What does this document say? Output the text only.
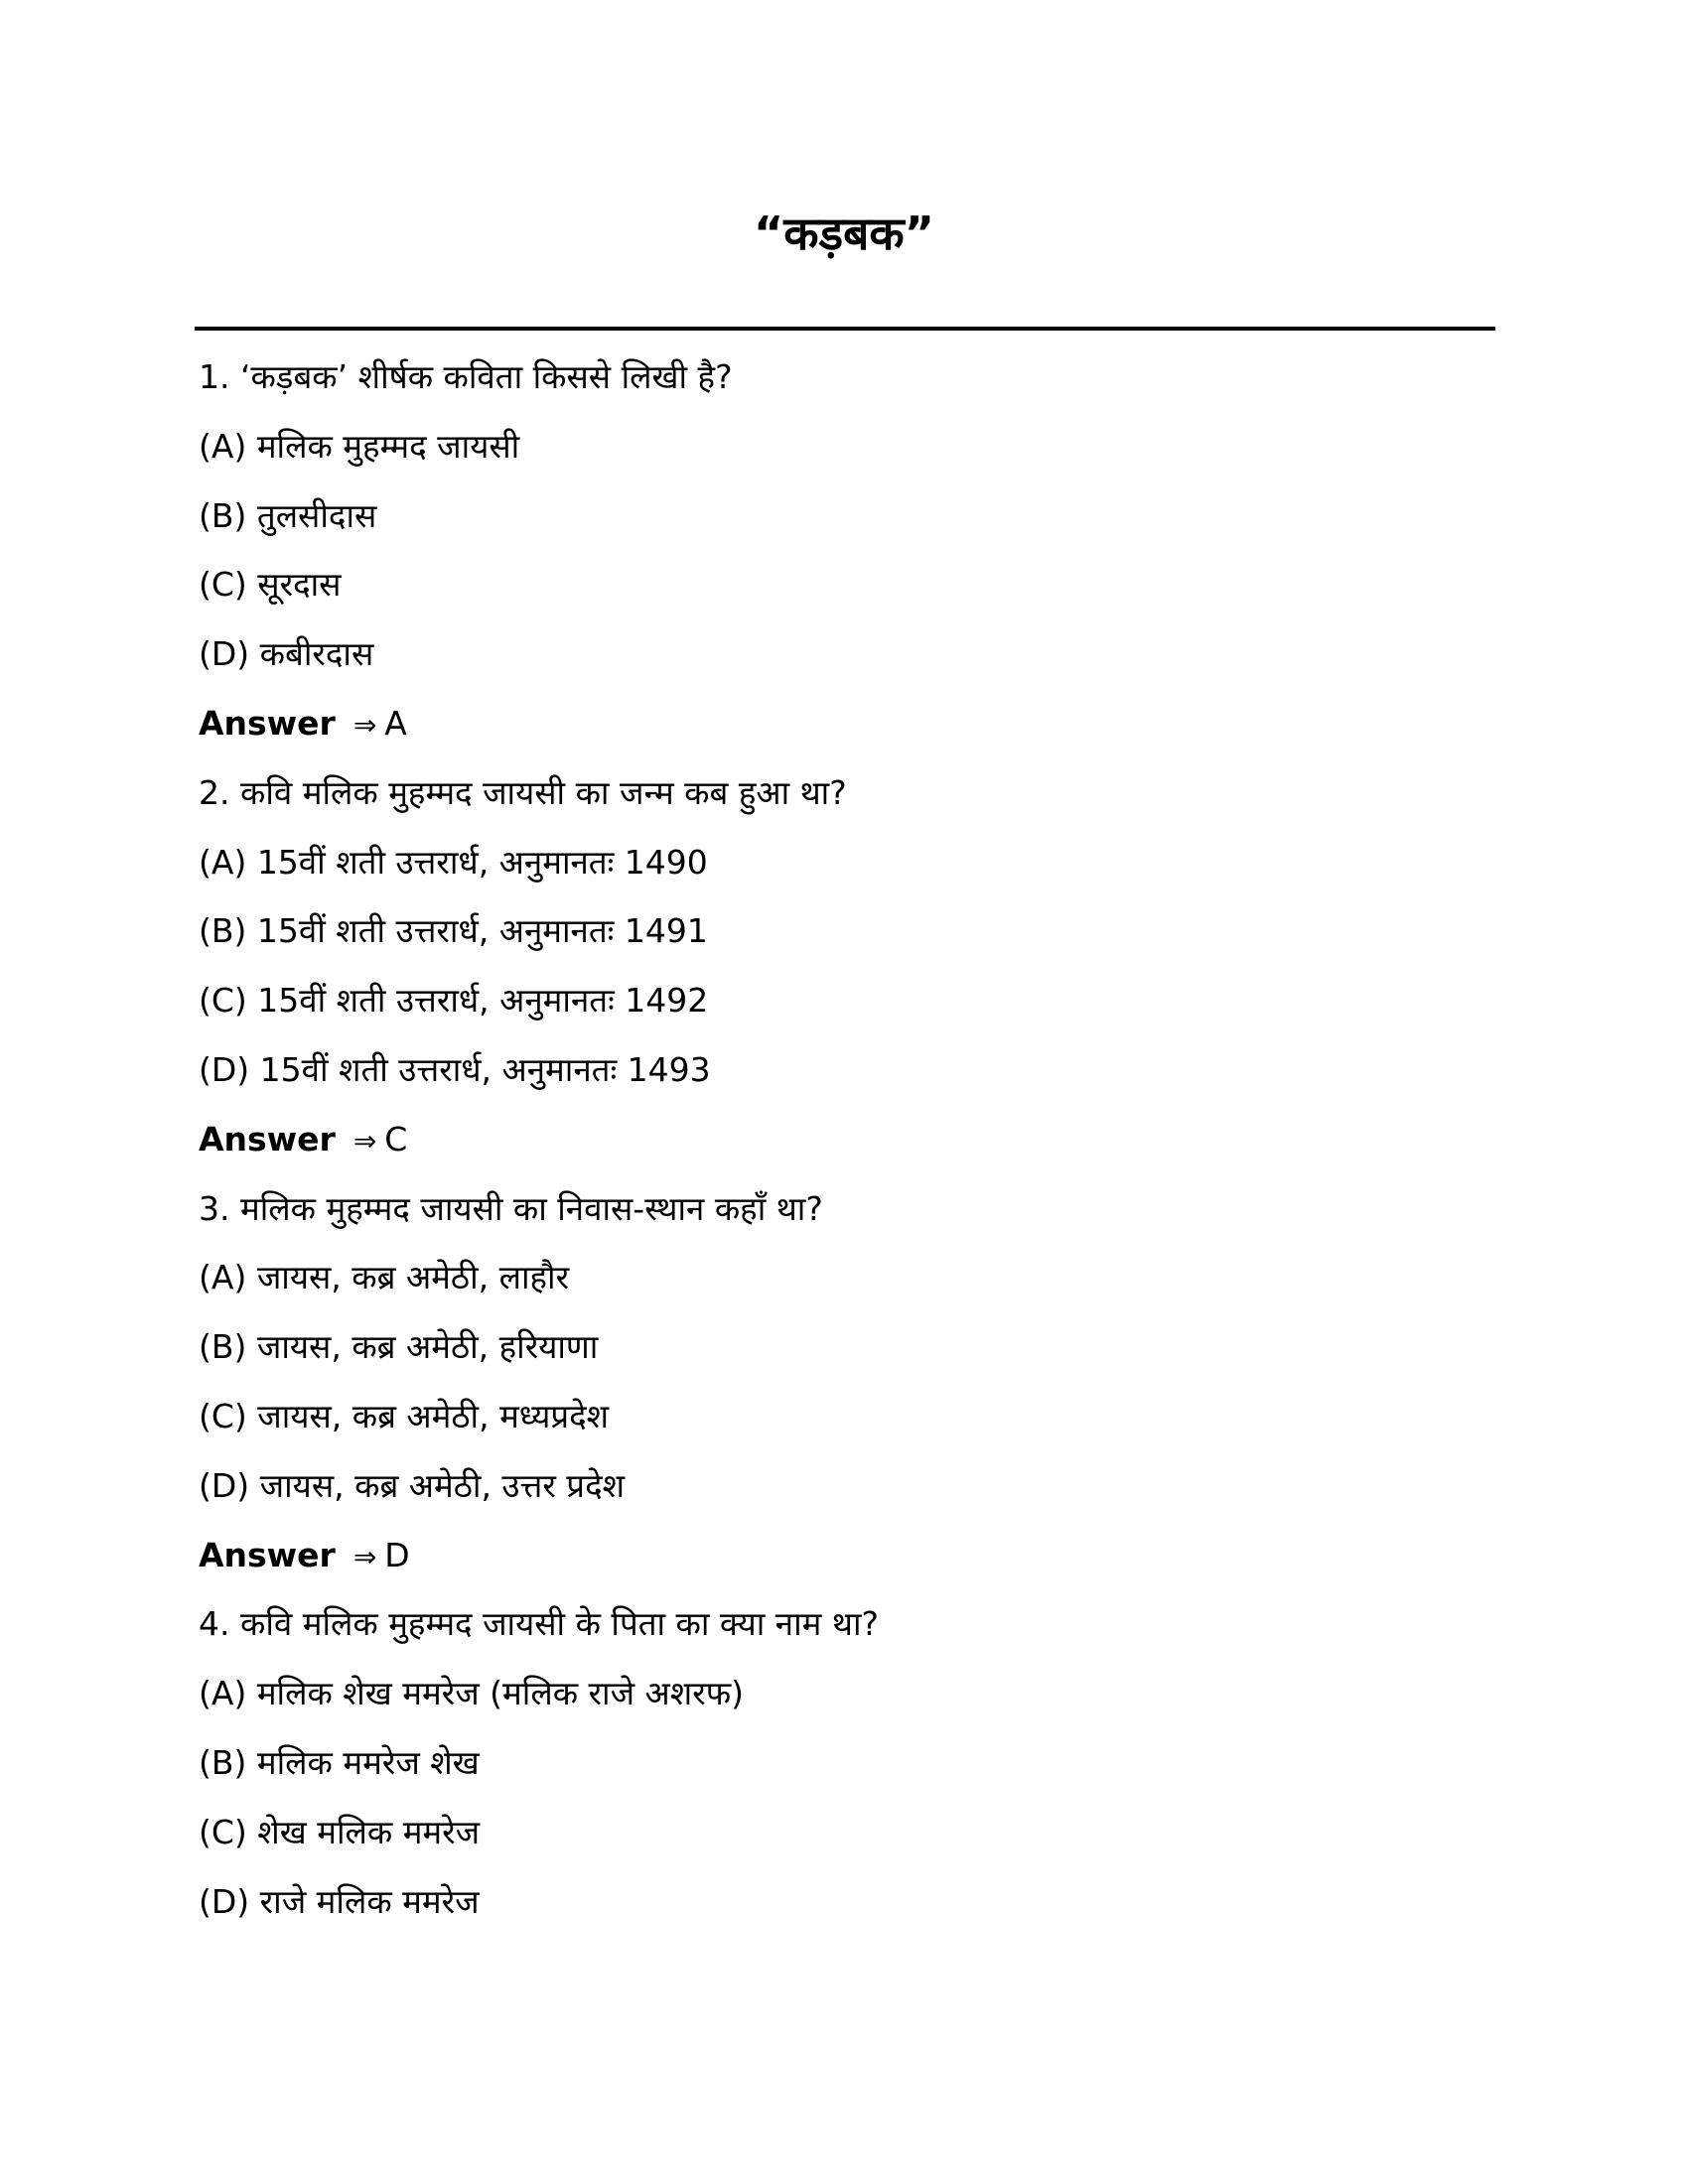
“कड़बक”
1. ‘कड़बक’ शीर्षक कविता किससे लिखी है?
(A) मलिक मुहम्मद जायसी
(B) तुलसीदास
(C) सूरदास
(D) कबीरदास
Answer ⇒ A
2. कवि मलिक मुहम्मद जायसी का जन्म कब हुआ था?
(A) 15वीं शती उत्तरार्ध, अनुमानतः 1490
(B) 15वीं शती उत्तरार्ध, अनुमानतः 1491
(C) 15वीं शती उत्तरार्ध, अनुमानतः 1492
(D) 15वीं शती उत्तरार्ध, अनुमानतः 1493
Answer ⇒ C
3. मलिक मुहम्मद जायसी का निवास-स्थान कहाँ था?
(A) जायस, कब्र अमेठी, लाहौर
(B) जायस, कब्र अमेठी, हरियाणा
(C) जायस, कब्र अमेठी, मध्यप्रदेश
(D) जायस, कब्र अमेठी, उत्तर प्रदेश
Answer ⇒ D
4. कवि मलिक मुहम्मद जायसी के पिता का क्या नाम था?
(A) मलिक शेख ममरेज (मलिक राजे अशरफ)
(B) मलिक ममरेज शेख
(C) शेख मलिक ममरेज
(D) राजे मलिक ममरेज
